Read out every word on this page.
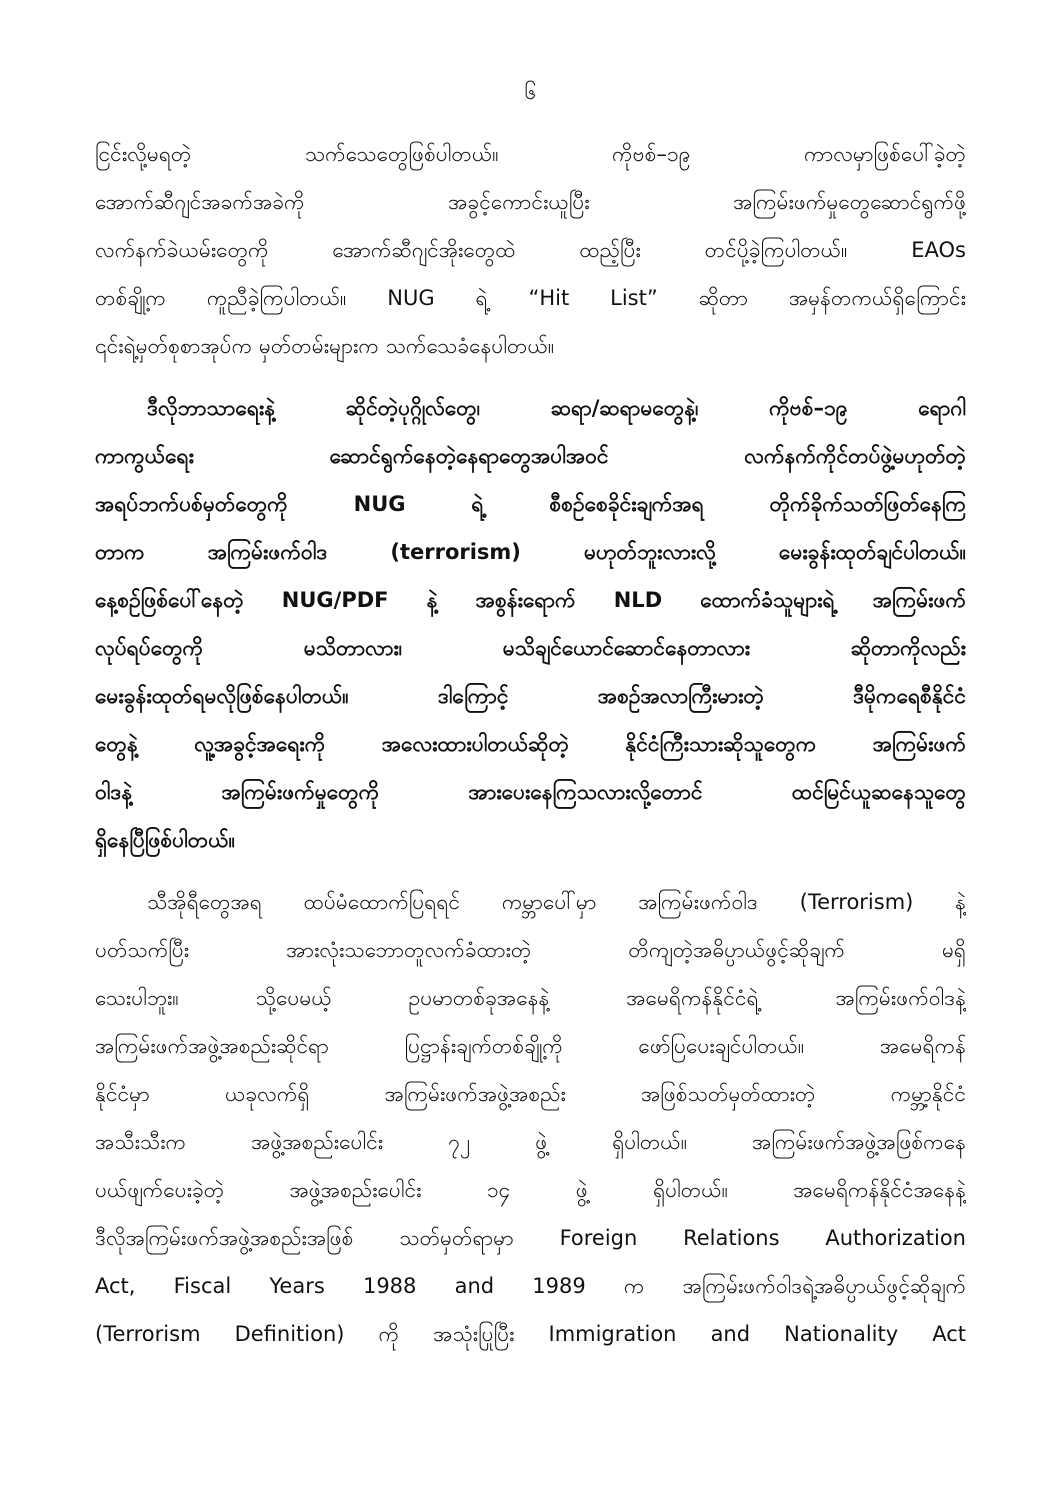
၆
ငြင်းလို့မရတဲ့ သက်သေတွေဖြစ်ပါတယ်။ ကိုဗစ်–၁၉ ကာလမှာဖြစ်ပေါ်ခဲ့တဲ့
အောက်ဆီဂျင်အခက်အခဲကို အခွင့်ကောင်းယူပြီး အကြမ်းဖက်မှုတွေဆောင်ရွက်ဖို့
လက်နက်ခဲယမ်းတွေကို အောက်ဆီဂျင်အိုးတွေထဲ ထည့်ပြီး တင်ပို့ခဲ့ကြပါတယ်။ EAOs
တစ်ချို့က ကူညီခဲ့ကြပါတယ်။ NUG ရဲ့ “Hit List” ဆိုတာ အမှန်တကယ်ရှိကြောင်း
၎င်းရဲ့မှတ်စုစာအုပ်က မှတ်တမ်းများက သက်သေခံနေပါတယ်။
ဒီလိုဘာသာရေးနဲ့ ဆိုင်တဲ့ပုဂ္ဂိုလ်တွေ၊ ဆရာ/ဆရာမတွေနဲ့၊ ကိုဗစ်–၁၉ ရောဂါ
ကာကွယ်ရေး ဆောင်ရွက်နေတဲ့နေရာတွေအပါအဝင် လက်နက်ကိုင်တပ်ဖွဲ့မဟုတ်တဲ့
အရပ်ဘက်ပစ်မှတ်တွေကို NUG ရဲ့ စီစဉ်စေခိုင်းချက်အရ တိုက်ခိုက်သတ်ဖြတ်နေကြ
တာက အကြမ်းဖက်ဝါဒ (terrorism) မဟုတ်ဘူးလားလို့ မေးခွန်းထုတ်ချင်ပါတယ်။
နေ့စဉ်ဖြစ်ပေါ်နေတဲ့ NUG/PDF နဲ့ အစွန်းရောက် NLD ထောက်ခံသူများရဲ့ အကြမ်းဖက်
လုပ်ရပ်တွေကို မသိတာလား၊ မသိချင်ယောင်ဆောင်နေတာလား ဆိုတာကိုလည်း
မေးခွန်းထုတ်ရမလိုဖြစ်နေပါတယ်။ ဒါကြောင့် အစဉ်အလာကြီးမားတဲ့ ဒီမိုကရေစီနိုင်ငံ
တွေနဲ့ လူ့အခွင့်အရေးကို အလေးထားပါတယ်ဆိုတဲ့ နိုင်ငံကြီးသားဆိုသူတွေက အကြမ်းဖက်
ဝါဒနဲ့ အကြမ်းဖက်မှုတွေကို အားပေးနေကြသလားလို့တောင် ထင်မြင်ယူဆနေသူတွေ
ရှိနေပြီဖြစ်ပါတယ်။
သီအိုရီတွေအရ ထပ်မံထောက်ပြရရင် ကမ္ဘာပေါ်မှာ အကြမ်းဖက်ဝါဒ (Terrorism) နဲ့
ပတ်သက်ပြီး အားလုံးသဘောတူလက်ခံထားတဲ့ တိကျတဲ့အဓိပ္ပာယ်ဖွင့်ဆိုချက် မရှိ
သေးပါဘူး။ သို့ပေမယ့် ဥပမာတစ်ခုအနေနဲ့ အမေရိကန်နိုင်ငံရဲ့ အကြမ်းဖက်ဝါဒနဲ့
အကြမ်းဖက်အဖွဲ့အစည်းဆိုင်ရာ ပြဋ္ဌာန်းချက်တစ်ချို့ကို ဖော်ပြပေးချင်ပါတယ်။ အမေရိကန်
နိုင်ငံမှာ ယခုလက်ရှိ အကြမ်းဖက်အဖွဲ့အစည်း အဖြစ်သတ်မှတ်ထားတဲ့ ကမ္ဘာ့နိုင်ငံ
အသီးသီးက အဖွဲ့အစည်းပေါင်း ၇၂ ဖွဲ့ ရှိပါတယ်။ အကြမ်းဖက်အဖွဲ့အဖြစ်ကနေ
ပယ်ဖျက်ပေးခဲ့တဲ့ အဖွဲ့အစည်းပေါင်း ၁၄ ဖွဲ့ ရှိပါတယ်။ အမေရိကန်နိုင်ငံအနေနဲ့
ဒီလိုအကြမ်းဖက်အဖွဲ့အစည်းအဖြစ် သတ်မှတ်ရာမှာ Foreign Relations Authorization
Act, Fiscal Years 1988 and 1989 က အကြမ်းဖက်ဝါဒရဲ့အဓိပ္ပာယ်ဖွင့်ဆိုချက်
(Terrorism Definition) ကို အသုံးပြုပြီး Immigration and Nationality Act
